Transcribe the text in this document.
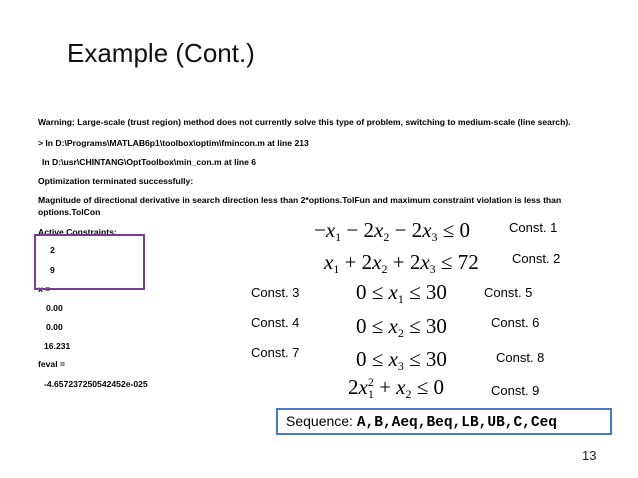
Example (Cont.)
Warning: Large-scale (trust region) method does not currently solve this type of problem, switching to medium-scale (line search).
> In D:\Programs\MATLAB6p1\toolbox\optim\fmincon.m at line 213
In D:\usr\CHINTANG\OptToolbox\min_con.m at line 6
Optimization terminated successfully:
Magnitude of directional derivative in search direction less than 2*options.TolFun and maximum constraint violation is less than
options.TolCon
Active Constraints:
2
9
x =
0.00
0.00
16.231
feval =
-4.657237250542452e-025
$-x_1 - 2x_2 - 2x_3 \le 0$	Const. 1
$x_1 + 2x_2 + 2x_3 \le 72$	Const. 2
Const. 3	$0 \le x_1 \le 30$	Const. 5
Const. 4	$0 \le x_2 \le 30$	Const. 6
Const. 7	$0 \le x_3 \le 30$	Const. 8
$2x_1^2 + x_2 \le 0$	Const. 9
Sequence: A,B,Aeq,Beq,LB,UB,C,Ceq
13
